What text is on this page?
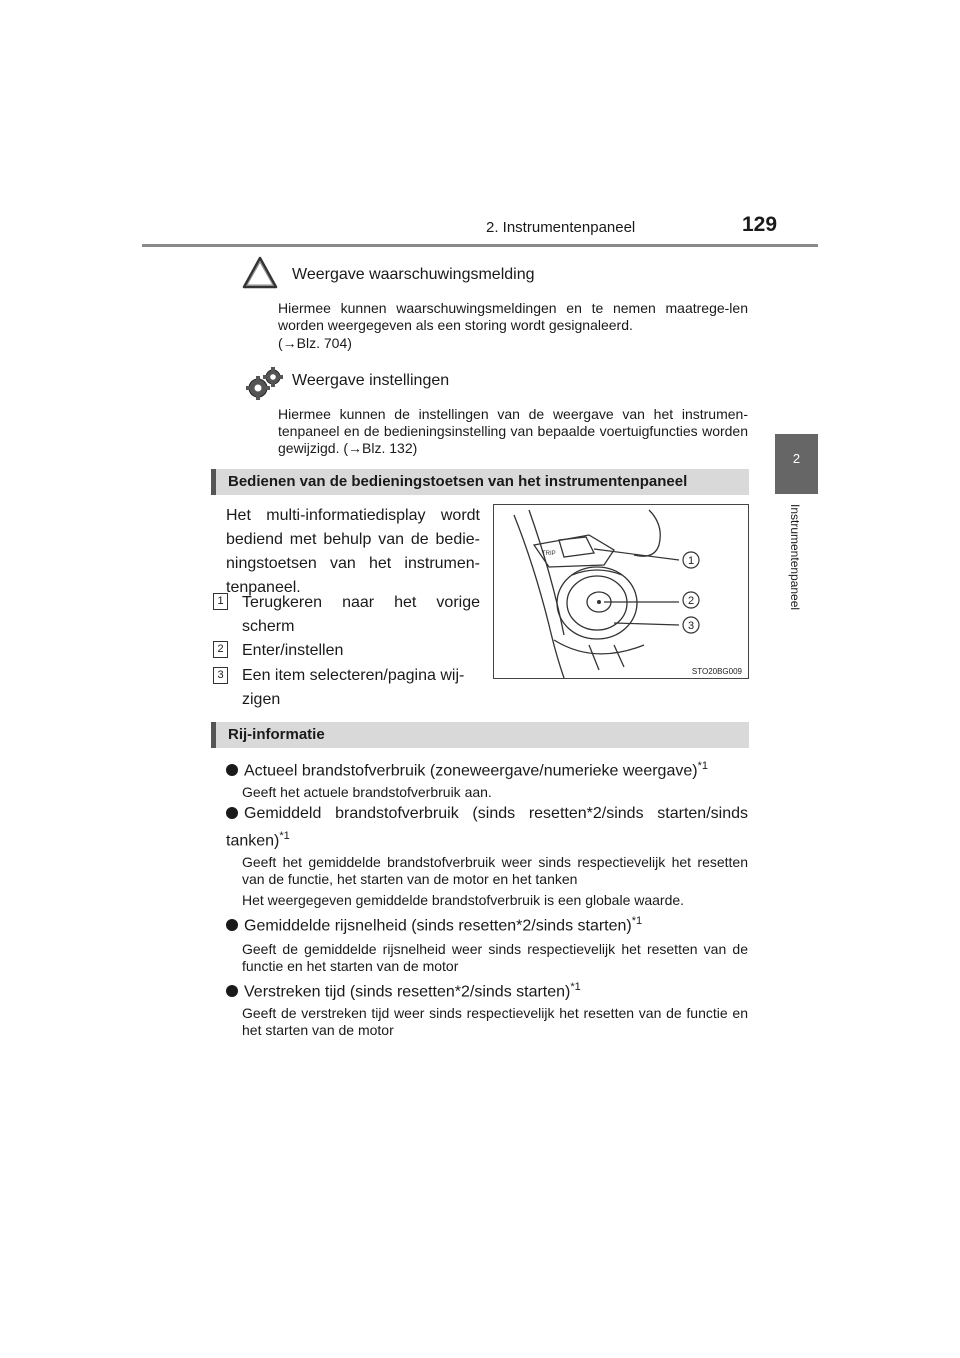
2. Instrumentenpaneel	129
2
Instrumentenpaneel
Weergave waarschuwingsmelding
Hiermee kunnen waarschuwingsmeldingen en te nemen maatrege-len worden weergegeven als een storing wordt gesignaleerd.
(→Blz. 704)
Weergave instellingen
Hiermee kunnen de instellingen van de weergave van het instrumen-tenpaneel en de bedieningsinstelling van bepaalde voertuigfuncties worden gewijzigd. (→Blz. 132)
Bedienen van de bedieningstoetsen van het instrumentenpaneel
Het multi-informatiedisplay wordt bediend met behulp van de bedie-ningstoetsen van het instrumen-tenpaneel.
1 Terugkeren naar het vorige scherm
2 Enter/instellen
3 Een item selecteren/pagina wij-zigen
TRIP
1
2
3
STO20BG009
Rij-informatie
Actueel brandstofverbruik (zoneweergave/numerieke weergave)$^{*1}$
Geeft het actuele brandstofverbruik aan.
Gemiddeld brandstofverbruik (sinds resetten*2/sinds starten/sinds tanken)$^{*1}$
Geeft het gemiddelde brandstofverbruik weer sinds respectievelijk het resetten van de functie, het starten van de motor en het tanken
Het weergegeven gemiddelde brandstofverbruik is een globale waarde.
Gemiddelde rijsnelheid (sinds resetten*2/sinds starten)$^{*1}$
Geeft de gemiddelde rijsnelheid weer sinds respectievelijk het resetten van de functie en het starten van de motor
Verstreken tijd (sinds resetten*2/sinds starten)$^{*1}$
Geeft de verstreken tijd weer sinds respectievelijk het resetten van de functie en het starten van de motor
